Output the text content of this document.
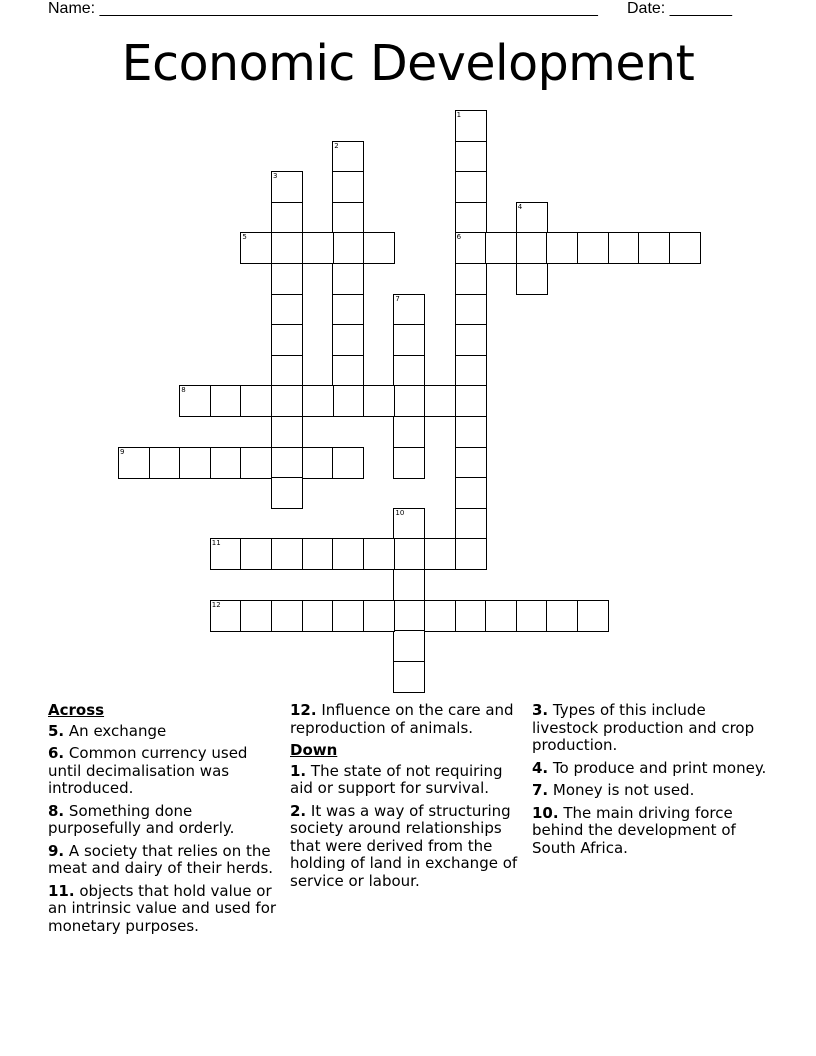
Name: ________________________________________________________ Date: _______
Economic Development
1
6
2
3
4
5
7
8
9
10
11
12
Across
5. An exchange
6. Common currency used until decimalisation was introduced.
8. Something done purposefully and orderly.
9. A society that relies on the meat and dairy of their herds.
11. objects that hold value or an intrinsic value and used for monetary purposes.
12. Influence on the care and reproduction of animals.
Down
1. The state of not requiring aid or support for survival.
2. It was a way of structuring society around relationships that were derived from the holding of land in exchange of service or labour.
3. Types of this include livestock production and crop production.
4. To produce and print money.
7. Money is not used.
10. The main driving force behind the development of South Africa.
